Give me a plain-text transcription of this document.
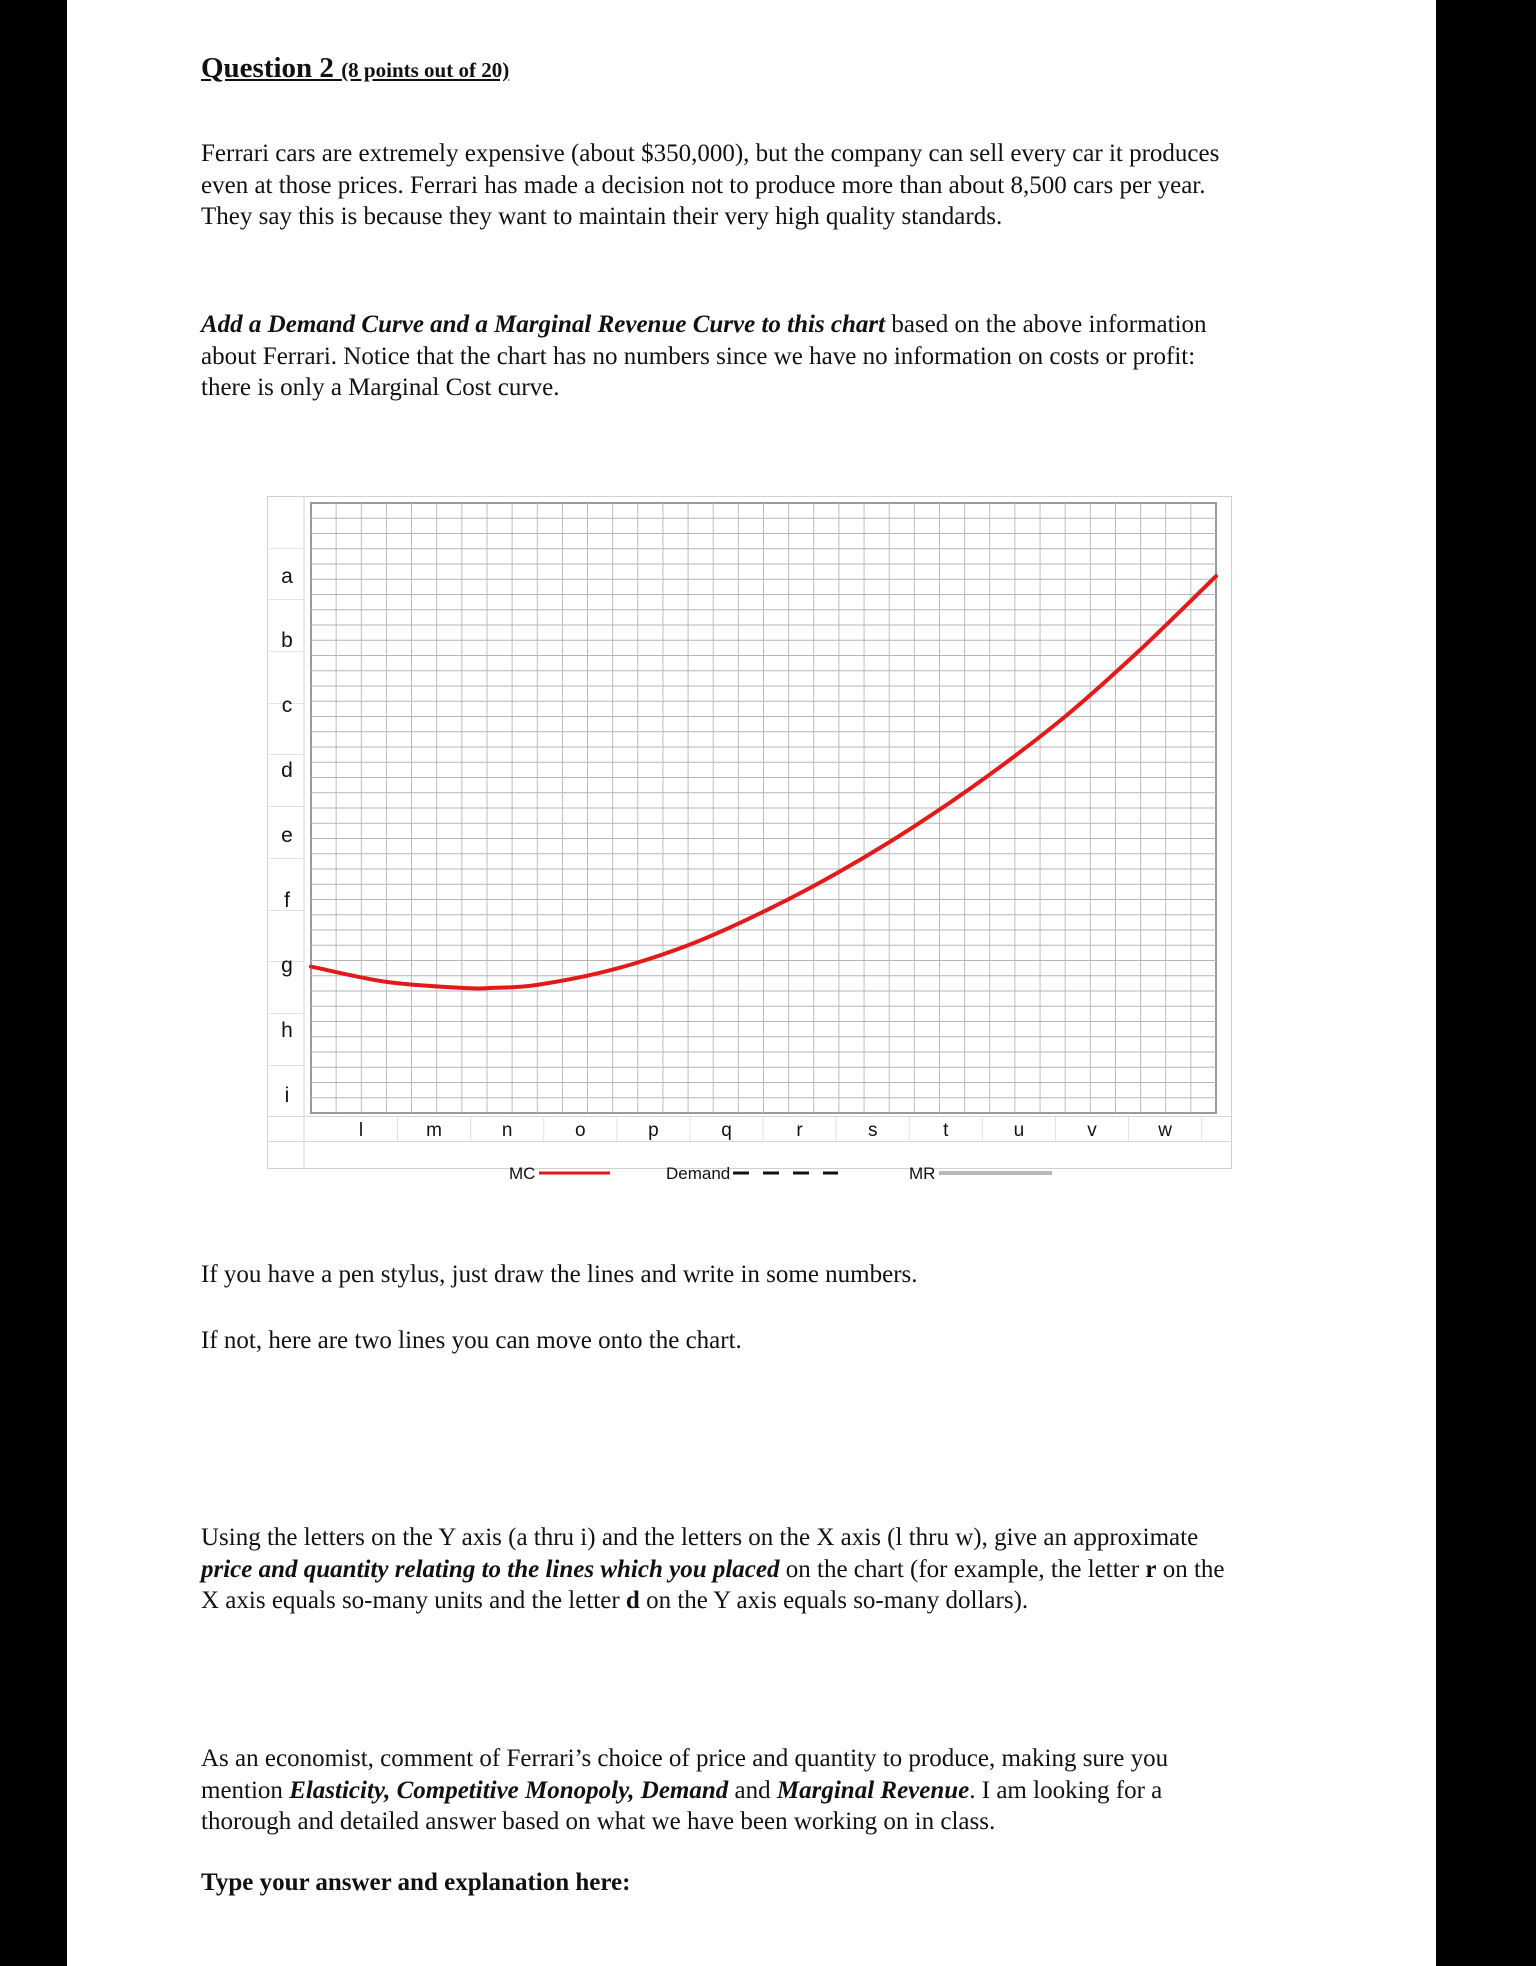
Question 2 (8 points out of 20)
Ferrari cars are extremely expensive (about $350,000), but the company can sell every car it produces even at those prices. Ferrari has made a decision not to produce more than about 8,500 cars per year. They say this is because they want to maintain their very high quality standards.
Add a Demand Curve and a Marginal Revenue Curve to this chart based on the above information about Ferrari. Notice that the chart has no numbers since we have no information on costs or profit: there is only a Marginal Cost curve.
a
b
c
d
e
f
g
h
i
l	m	n	o	p	q	r	s	t	u	v	w
MC	Demand	MR
If you have a pen stylus, just draw the lines and write in some numbers.
If not, here are two lines you can move onto the chart.
Using the letters on the Y axis (a thru i) and the letters on the X axis (l thru w), give an approximate price and quantity relating to the lines which you placed on the chart (for example, the letter r on the X axis equals so-many units and the letter d on the Y axis equals so-many dollars).
As an economist, comment of Ferrari’s choice of price and quantity to produce, making sure you mention Elasticity, Competitive Monopoly, Demand and Marginal Revenue. I am looking for a thorough and detailed answer based on what we have been working on in class.
Type your answer and explanation here:
